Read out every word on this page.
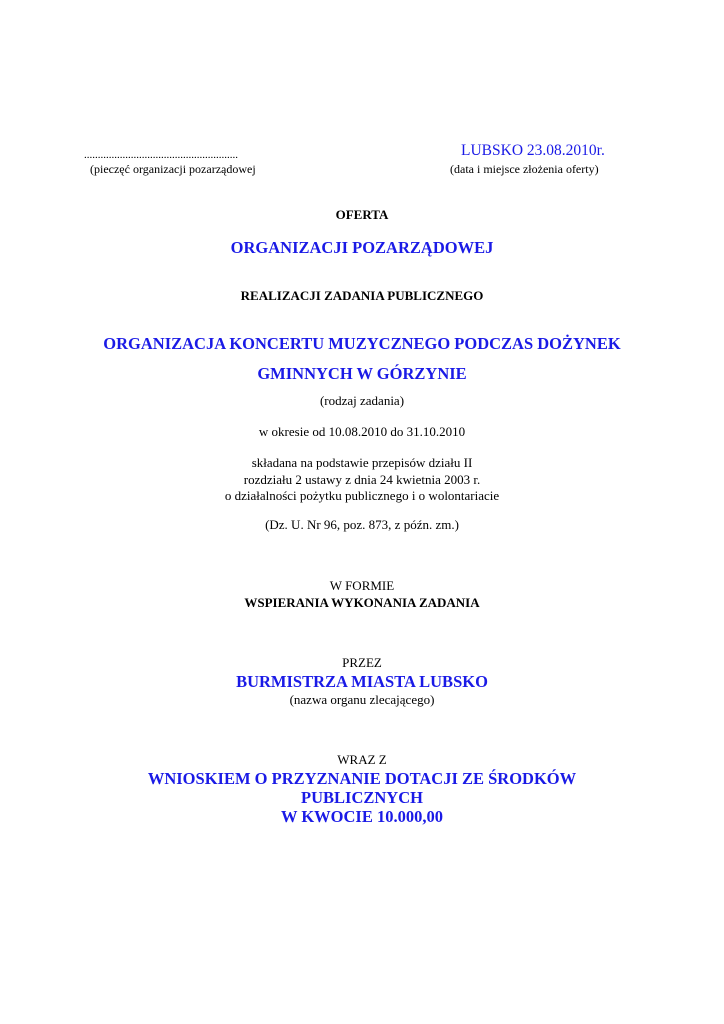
........................................................
(pieczęć organizacji pozarządowej
LUBSKO 23.08.2010r.
(data i miejsce złożenia oferty)
OFERTA
ORGANIZACJI POZARZĄDOWEJ
REALIZACJI ZADANIA PUBLICZNEGO
ORGANIZACJA KONCERTU MUZYCZNEGO PODCZAS DOŻYNEK
GMINNYCH W GÓRZYNIE
(rodzaj zadania)
w okresie od 10.08.2010 do 31.10.2010
składana na podstawie przepisów działu II
rozdziału 2 ustawy z dnia 24 kwietnia 2003 r.
o działalności pożytku publicznego i o wolontariacie
(Dz. U. Nr 96, poz. 873, z późn. zm.)
W FORMIE
WSPIERANIA WYKONANIA ZADANIA
PRZEZ
BURMISTRZA MIASTA LUBSKO
(nazwa organu zlecającego)
WRAZ Z
WNIOSKIEM O PRZYZNANIE DOTACJI ZE ŚRODKÓW
PUBLICZNYCH
W KWOCIE 10.000,00
